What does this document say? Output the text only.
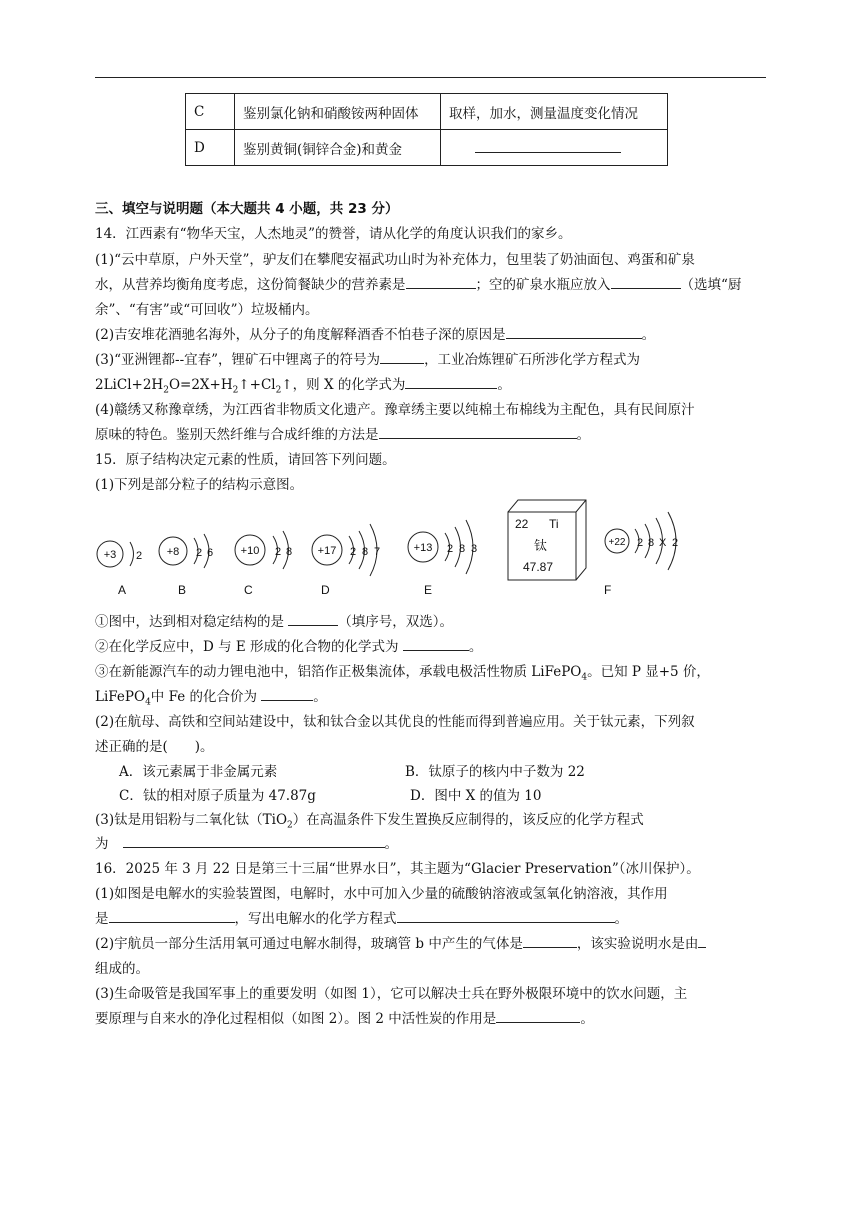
C	鉴别氯化钠和硝酸铵两种固体	取样，加水，测量温度变化情况
D	鉴别黄铜(铜锌合金)和黄金	
三、填空与说明题（本大题共 4 小题，共 23 分）
14．江西素有“物华天宝，人杰地灵”的赞誉，请从化学的角度认识我们的家乡。
(1)“云中草原，户外天堂”，驴友们在攀爬安福武功山时为补充体力，包里装了奶油面包、鸡蛋和矿泉
水，从营养均衡角度考虑，这份简餐缺少的营养素是	；空的矿泉水瓶应放入	（选填“厨
余”、“有害”或“可回收”）垃圾桶内。
(2)吉安堆花酒驰名海外，从分子的角度解释酒香不怕巷子深的原因是	。
(3)“亚洲锂都--宜春”，锂矿石中锂离子的符号为	，工业冶炼锂矿石所涉化学方程式为
$2LiCl+2H_2O=2X+H_2↑+Cl_2↑$，则 X 的化学式为	。
(4)赣绣又称豫章绣，为江西省非物质文化遗产。豫章绣主要以纯棉土布棉线为主配色，具有民间原汁
原味的特色。鉴别天然纤维与合成纤维的方法是	。
15．原子结构决定元素的性质，请回答下列问题。
(1)下列是部分粒子的结构示意图。
+3 2
A
+8 2 6
B
+10 2 8
C
+17 2 8 7
D
+13 2 8 3
E
22 Ti
钛
47.87
+22 2 8 X 2
F
①图中，达到相对稳定结构的是	（填序号，双选）。
②在化学反应中，D 与 E 形成的化合物的化学式为	。
③在新能源汽车的动力锂电池中，铝箔作正极集流体，承载电极活性物质 LiFePO$_4$。已知 P 显+5 价，
LiFePO$_4$中 Fe 的化合价为	。
(2)在航母、高铁和空间站建设中，钛和钛合金以其优良的性能而得到普遍应用。关于钛元素，下列叙
述正确的是(　　)。
A．该元素属于非金属元素	B．钛原子的核内中子数为 22
C．钛的相对原子质量为 47.87g	D．图中 X 的值为 10
(3)钛是用铝粉与二氧化钛（TiO$_2$）在高温条件下发生置换反应制得的，该反应的化学方程式
为	。
16．2025 年 3 月 22 日是第三十三届“世界水日”，其主题为“Glacier Preservation”（冰川保护）。
(1)如图是电解水的实验装置图，电解时，水中可加入少量的硫酸钠溶液或氢氧化钠溶液，其作用
是	，写出电解水的化学方程式	。
(2)宇航员一部分生活用氧可通过电解水制得，玻璃管 b 中产生的气体是	，该实验说明水是由
组成的。
(3)生命吸管是我国军事上的重要发明（如图 1），它可以解决士兵在野外极限环境中的饮水问题，主
要原理与自来水的净化过程相似（如图 2）。图 2 中活性炭的作用是	。
